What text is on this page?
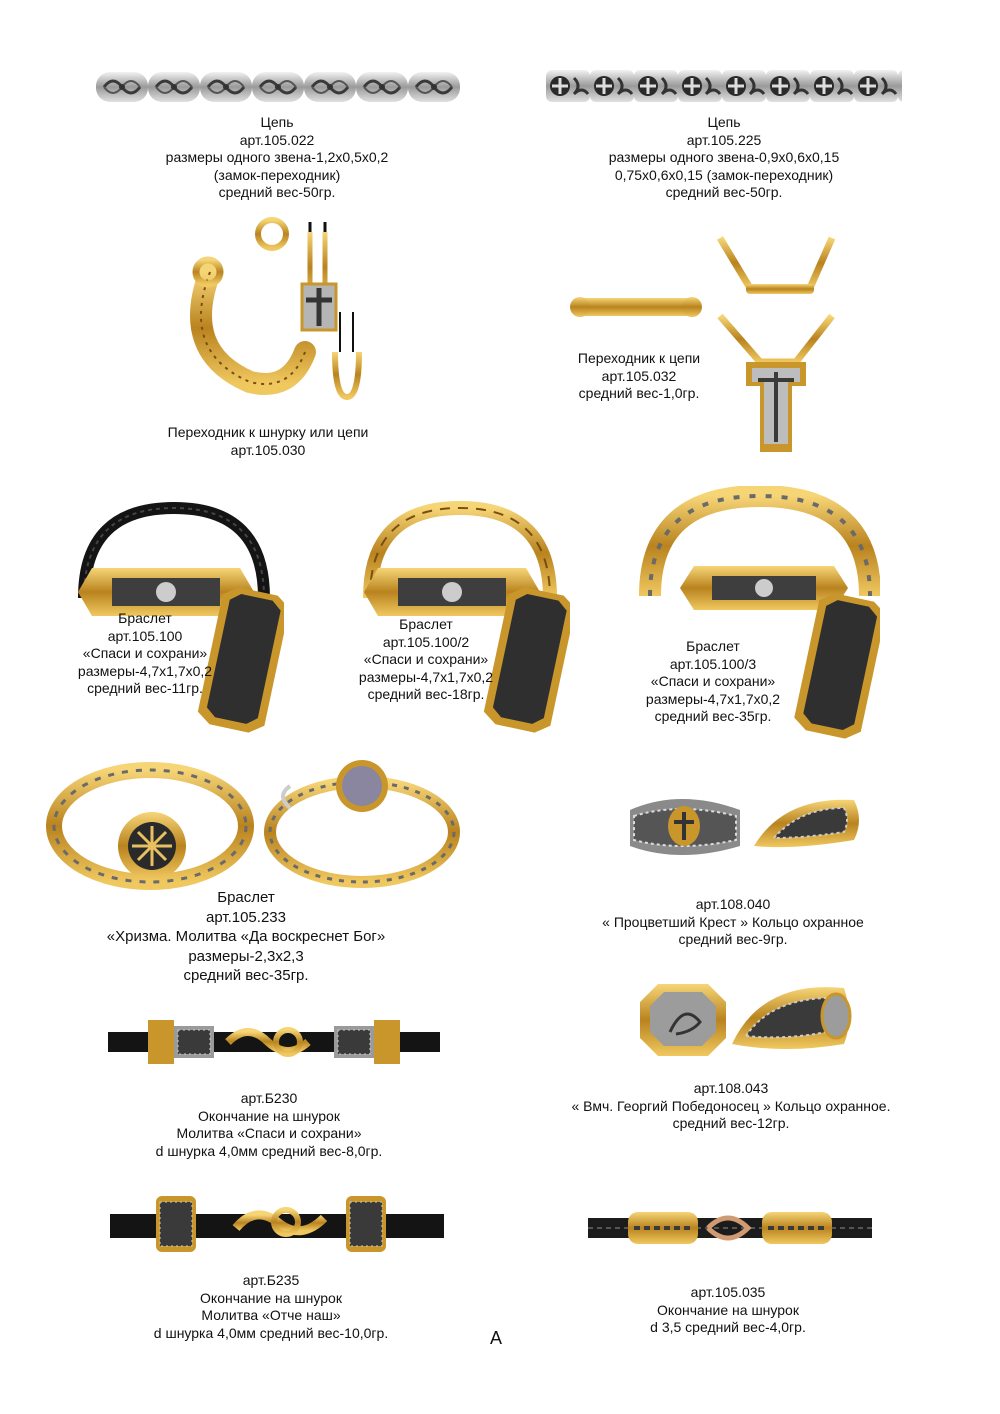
Цепь
арт.105.022
размеры одного звена-1,2х0,5х0,2
(замок-переходник)
средний вес-50гр.
Цепь
арт.105.225
размеры одного звена-0,9х0,6х0,15
0,75х0,6х0,15 (замок-переходник)
средний вес-50гр.
Переходник к цепи
арт.105.032
средний вес-1,0гр.
Переходник к шнурку или цепи
арт.105.030
Браслет
арт.105.100
«Спаси и сохрани»
размеры-4,7х1,7х0,2
средний вес-11гр.
Браслет
арт.105.100/2
«Спаси и сохрани»
размеры-4,7х1,7х0,2
средний вес-18гр.
Браслет
арт.105.100/3
«Спаси и сохрани»
размеры-4,7х1,7х0,2
средний вес-35гр.
Браслет
арт.105.233
«Хризма. Молитва «Да воскреснет Бог»
размеры-2,3х2,3
средний вес-35гр.
арт.108.040
« Процветший Крест » Кольцо охранное
средний вес-9гр.
арт.108.043
« Вмч. Георгий Победоносец » Кольцо охранное.
средний вес-12гр.
арт.Б230
Окончание на шнурок
Молитва «Спаси и сохрани»
d шнурка 4,0мм средний вес-8,0гр.
арт.Б235
Окончание на шнурок
Молитва «Отче наш»
d шнурка 4,0мм средний вес-10,0гр.
арт.105.035
Окончание на шнурок
d 3,5 средний вес-4,0гр.
А
